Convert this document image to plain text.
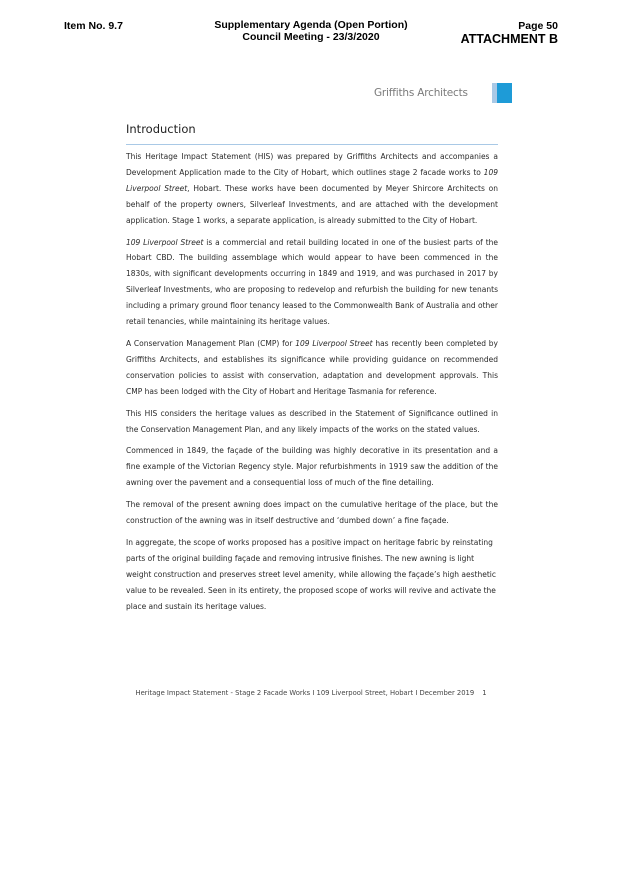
Item No. 9.7	Supplementary Agenda (Open Portion)
Council Meeting - 23/3/2020
Page 50
ATTACHMENT B
Griffiths Architects
Introduction

This Heritage Impact Statement (HIS) was prepared by Griffiths Architects and accompanies a Development Application made to the City of Hobart, which outlines stage 2 facade works to 109 Liverpool Street, Hobart. These works have been documented by Meyer Shircore Architects on behalf of the property owners, Silverleaf Investments, and are attached with the development application. Stage 1 works, a separate application, is already submitted to the City of Hobart.

109 Liverpool Street is a commercial and retail building located in one of the busiest parts of the Hobart CBD. The building assemblage which would appear to have been commenced in the 1830s, with significant developments occurring in 1849 and 1919, and was purchased in 2017 by Silverleaf Investments, who are proposing to redevelop and refurbish the building for new tenants including a primary ground floor tenancy leased to the Commonwealth Bank of Australia and other retail tenancies, while maintaining its heritage values.

A Conservation Management Plan (CMP) for 109 Liverpool Street has recently been completed by Griffiths Architects, and establishes its significance while providing guidance on recommended conservation policies to assist with conservation, adaptation and development approvals. This CMP has been lodged with the City of Hobart and Heritage Tasmania for reference.

This HIS considers the heritage values as described in the Statement of Significance outlined in the Conservation Management Plan, and any likely impacts of the works on the stated values.

Commenced in 1849, the façade of the building was highly decorative in its presentation and a fine example of the Victorian Regency style. Major refurbishments in 1919 saw the addition of the awning over the pavement and a consequential loss of much of the fine detailing.

The removal of the present awning does impact on the cumulative heritage of the place, but the construction of the awning was in itself destructive and ‘dumbed down’ a fine façade.

In aggregate, the scope of works proposed has a positive impact on heritage fabric by reinstating parts of the original building façade and removing intrusive finishes. The new awning is light weight construction and preserves street level amenity, while allowing the façade’s high aesthetic value to be revealed. Seen in its entirety, the proposed scope of works will revive and activate the place and sustain its heritage values.

Heritage Impact Statement - Stage 2 Facade Works I 109 Liverpool Street, Hobart I December 2019 1
